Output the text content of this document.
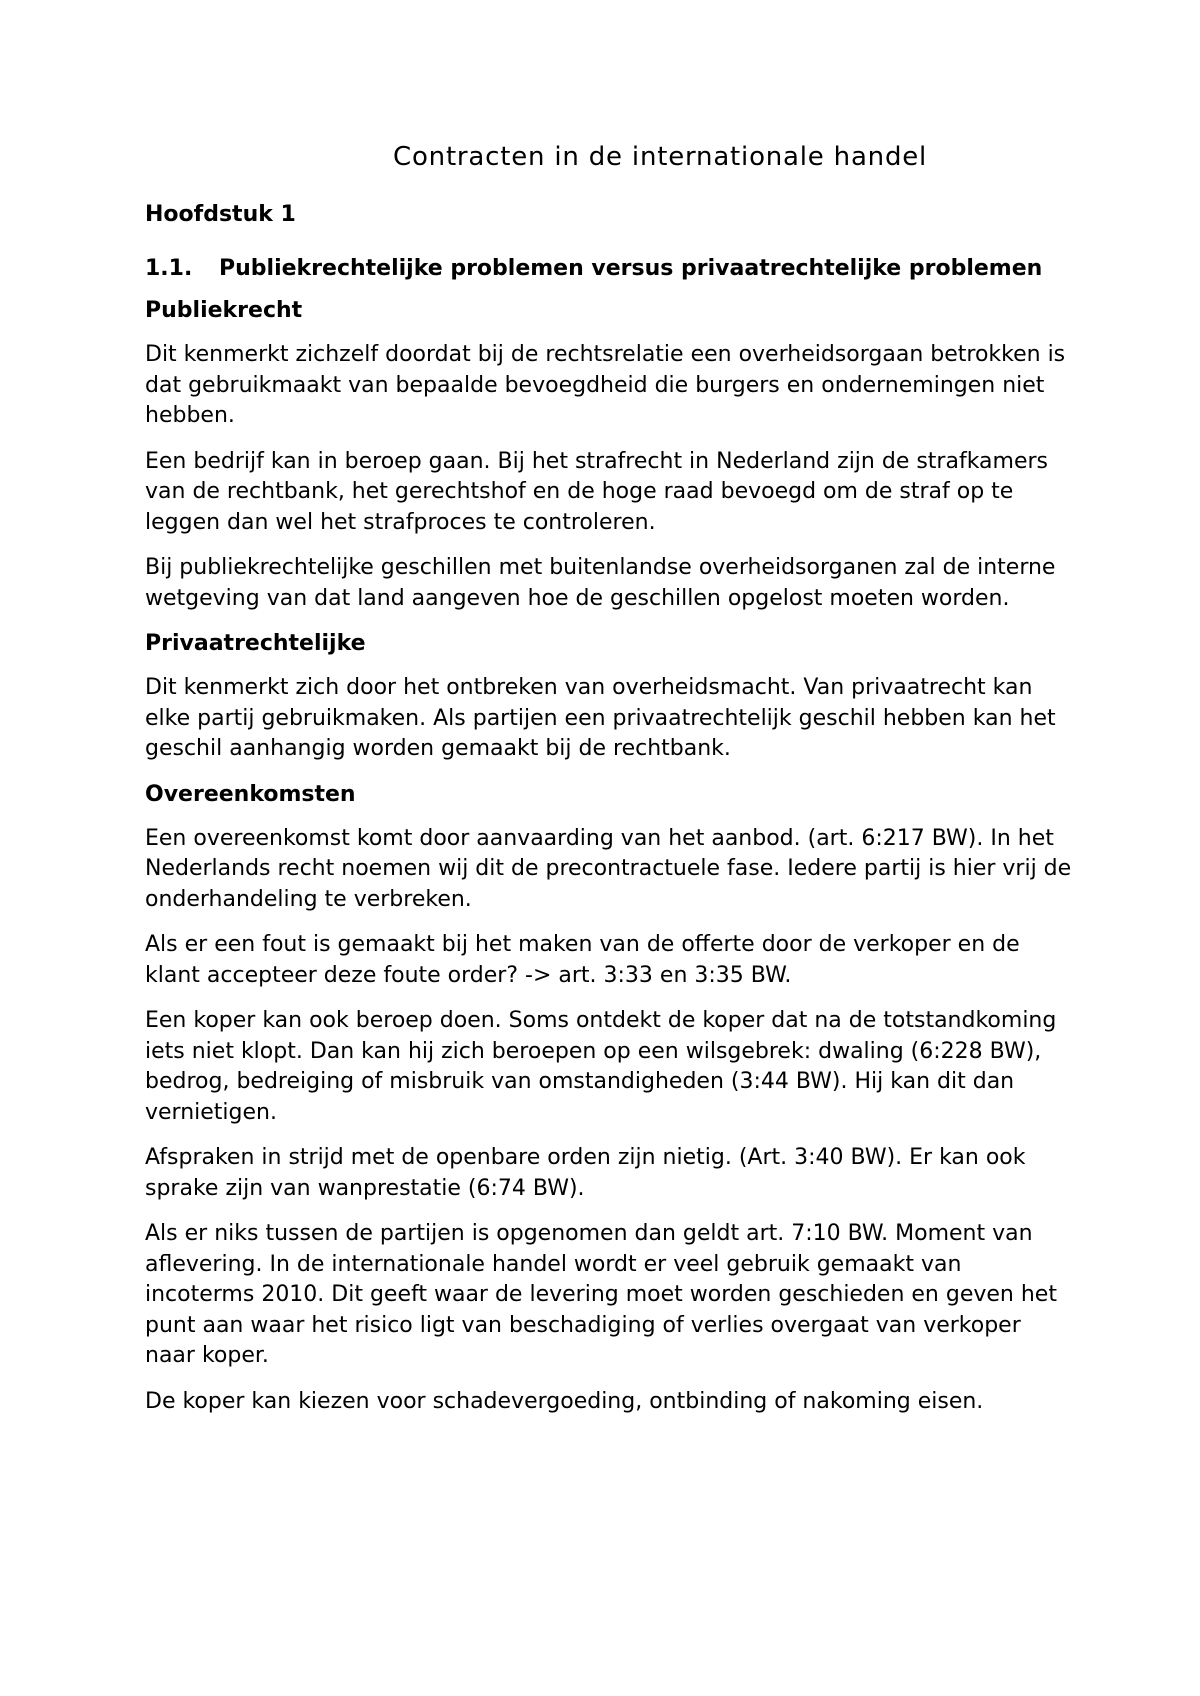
Contracten in de internationale handel
Hoofdstuk 1
1.1.	Publiekrechtelijke problemen versus privaatrechtelijke problemen
Publiekrecht

Dit kenmerkt zichzelf doordat bij de rechtsrelatie een overheidsorgaan betrokken is dat gebruikmaakt van bepaalde bevoegdheid die burgers en ondernemingen niet hebben.

Een bedrijf kan in beroep gaan. Bij het strafrecht in Nederland zijn de strafkamers van de rechtbank, het gerechtshof en de hoge raad bevoegd om de straf op te leggen dan wel het strafproces te controleren.

Bij publiekrechtelijke geschillen met buitenlandse overheidsorganen zal de interne wetgeving van dat land aangeven hoe de geschillen opgelost moeten worden.

Privaatrechtelijke

Dit kenmerkt zich door het ontbreken van overheidsmacht. Van privaatrecht kan elke partij gebruikmaken. Als partijen een privaatrechtelijk geschil hebben kan het geschil aanhangig worden gemaakt bij de rechtbank.

Overeenkomsten

Een overeenkomst komt door aanvaarding van het aanbod. (art. 6:217 BW). In het Nederlands recht noemen wij dit de precontractuele fase. Iedere partij is hier vrij de onderhandeling te verbreken.

Als er een fout is gemaakt bij het maken van de offerte door de verkoper en de klant accepteer deze foute order? -> art. 3:33 en 3:35 BW.

Een koper kan ook beroep doen. Soms ontdekt de koper dat na de totstandkoming iets niet klopt. Dan kan hij zich beroepen op een wilsgebrek: dwaling (6:228 BW), bedrog, bedreiging of misbruik van omstandigheden (3:44 BW). Hij kan dit dan vernietigen.

Afspraken in strijd met de openbare orden zijn nietig. (Art. 3:40 BW). Er kan ook sprake zijn van wanprestatie (6:74 BW).

Als er niks tussen de partijen is opgenomen dan geldt art. 7:10 BW. Moment van aflevering. In de internationale handel wordt er veel gebruik gemaakt van incoterms 2010. Dit geeft waar de levering moet worden geschieden en geven het punt aan waar het risico ligt van beschadiging of verlies overgaat van verkoper naar koper.

De koper kan kiezen voor schadevergoeding, ontbinding of nakoming eisen.
